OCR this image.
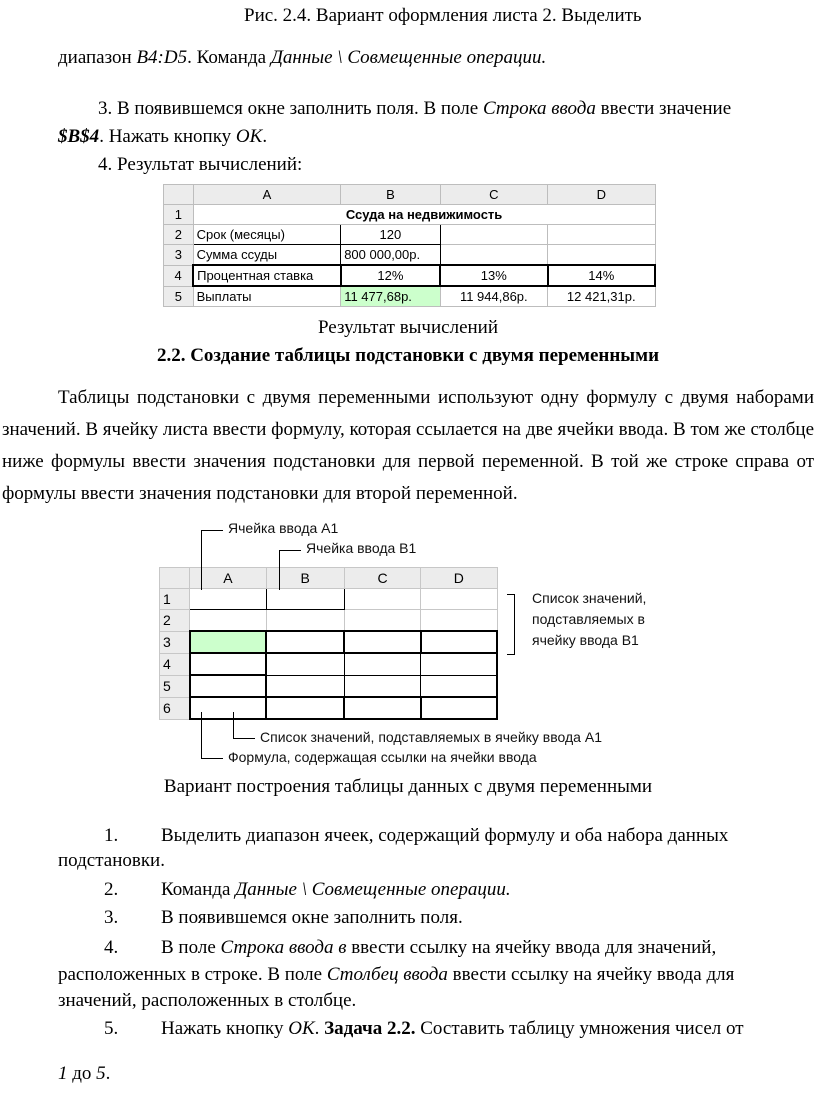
Рис. 2.4. Вариант оформления листа 2. Выделить
диапазон B4:D5. Команда Данные \ Совмещенные операции.
3. В появившемся окне заполнить поля. В поле Строка ввода ввести значение
$B$4. Нажать кнопку OK.
4. Результат вычислений:
	A	B	C	D
1	Ссуда на недвижимость			
2	Срок (месяцы)	120		
3	Сумма ссуды	800 000,00р.		
4	Процентная ставка	12%	13%	14%
5	Выплаты	11 477,68р.	11 944,86р.	12 421,31р.
Результат вычислений
2.2. Создание таблицы подстановки с двумя переменными
Таблицы подстановки с двумя переменными используют одну формулу с двумя наборами значений. В ячейку листа ввести формулу, которая ссылается на две ячейки ввода. В том же столбце ниже формулы ввести значения подстановки для первой переменной. В той же строке справа от формулы ввести значения подстановки для второй переменной.
	A	B	C	D
1				
2				
3				
4				
5				
6				
Ячейка ввода A1
Ячейка ввода B1
Список значений,
подставляемых в
ячейку ввода B1
Список значений, подставляемых в ячейку ввода A1
Формула, содержащая ссылки на ячейки ввода
Вариант построения таблицы данных с двумя переменными
1. Выделить диапазон ячеек, содержащий формулу и оба набора данных
подстановки.
2. Команда Данные \ Совмещенные операции.
3. В появившемся окне заполнить поля.
4. В поле Строка ввода в ввести ссылку на ячейку ввода для значений,
расположенных в строке. В поле Столбец ввода ввести ссылку на ячейку ввода для
значений, расположенных в столбце.
5. Нажать кнопку OK. Задача 2.2. Составить таблицу умножения чисел от
1 до 5.
